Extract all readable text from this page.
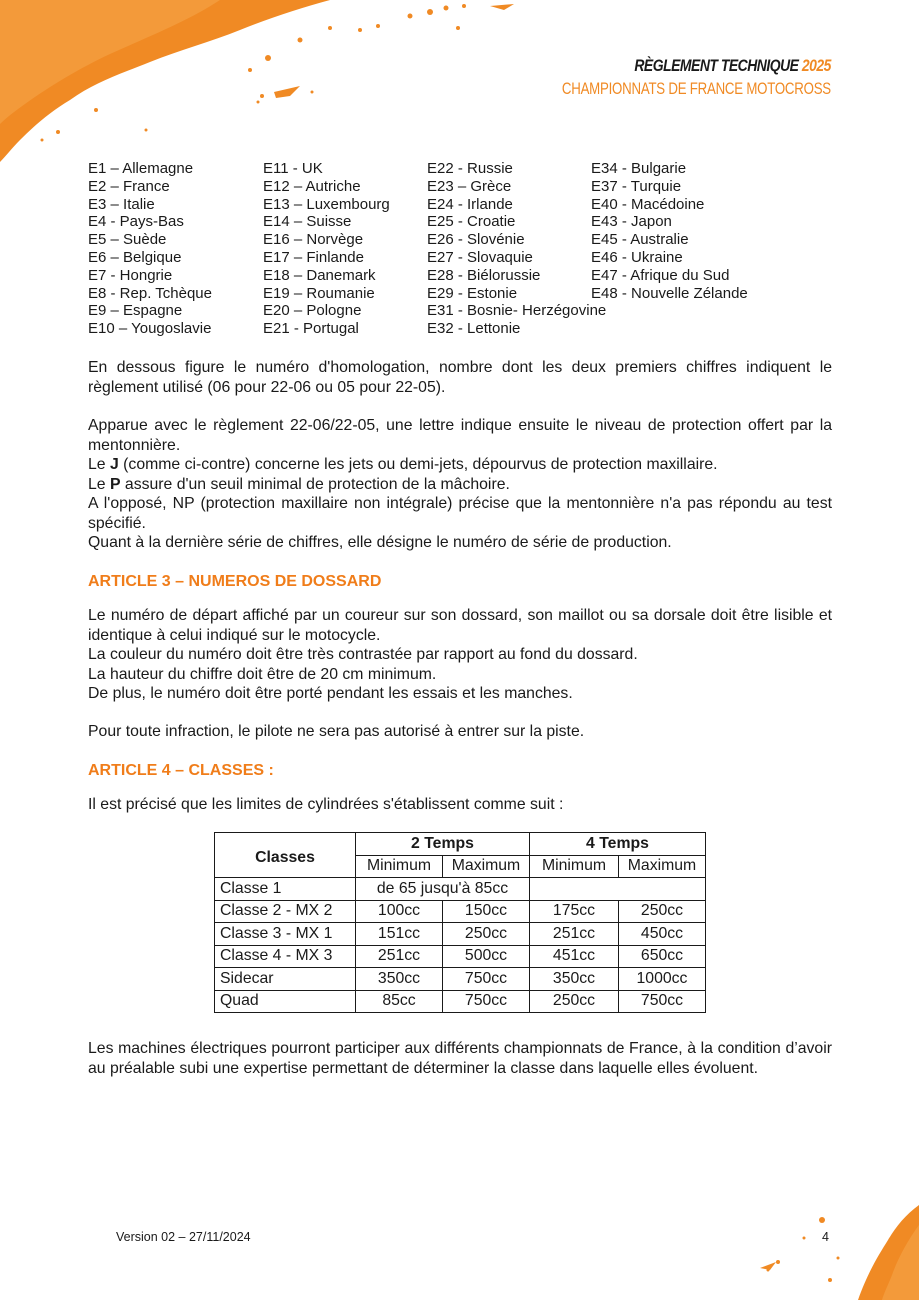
RÈGLEMENT TECHNIQUE 2025
CHAMPIONNATS DE FRANCE MOTOCROSS
E1 – Allemagne
E2 – France
E3 – Italie
E4 - Pays-Bas
E5 – Suède
E6 – Belgique
E7 - Hongrie
E8 - Rep. Tchèque
E9 – Espagne
E10 – Yougoslavie
E11 - UK
E12 – Autriche
E13 – Luxembourg
E14 – Suisse
E16 – Norvège
E17 – Finlande
E18 – Danemark
E19 – Roumanie
E20 – Pologne
E21 - Portugal
E22 - Russie
E23 – Grèce
E24 - Irlande
E25 - Croatie
E26 - Slovénie
E27 - Slovaquie
E28 - Biélorussie
E29 - Estonie
E31 - Bosnie- Herzégovine
E32 - Lettonie
E34 - Bulgarie
E37 - Turquie
E40 - Macédoine
E43 - Japon
E45 - Australie
E46 - Ukraine
E47 - Afrique du Sud
E48 - Nouvelle Zélande

En dessous figure le numéro d'homologation, nombre dont les deux premiers chiffres indiquent le règlement utilisé (06 pour 22-06 ou 05 pour 22-05).

Apparue avec le règlement 22-06/22-05, une lettre indique ensuite le niveau de protection offert par la mentonnière.

Le J (comme ci-contre) concerne les jets ou demi-jets, dépourvus de protection maxillaire.

Le P assure d'un seuil minimal de protection de la mâchoire.

A l'opposé, NP (protection maxillaire non intégrale) précise que la mentonnière n'a pas répondu au test spécifié.

Quant à la dernière série de chiffres, elle désigne le numéro de série de production.

ARTICLE 3 – NUMEROS DE DOSSARD

Le numéro de départ affiché par un coureur sur son dossard, son maillot ou sa dorsale doit être lisible et identique à celui indiqué sur le motocycle.

La couleur du numéro doit être très contrastée par rapport au fond du dossard.

La hauteur du chiffre doit être de 20 cm minimum.

De plus, le numéro doit être porté pendant les essais et les manches.

Pour toute infraction, le pilote ne sera pas autorisé à entrer sur la piste.

ARTICLE 4 – CLASSES :

Il est précisé que les limites de cylindrées s'établissent comme suit :

Classes	2 Temps		4 Temps	
	Minimum	Maximum	Minimum	Maximum
Classe 1	de 65 jusqu'à 85cc			
Classe 2 - MX 2	100cc	150cc	175cc	250cc
Classe 3 - MX 1	151cc	250cc	251cc	450cc
Classe 4 - MX 3	251cc	500cc	451cc	650cc
Sidecar	350cc	750cc	350cc	1000cc
Quad	85cc	750cc	250cc	750cc

Les machines électriques pourront participer aux différents championnats de France, à la condition d’avoir au préalable subi une expertise permettant de déterminer la classe dans laquelle elles évoluent.

Version 02 – 27/11/2024	4
